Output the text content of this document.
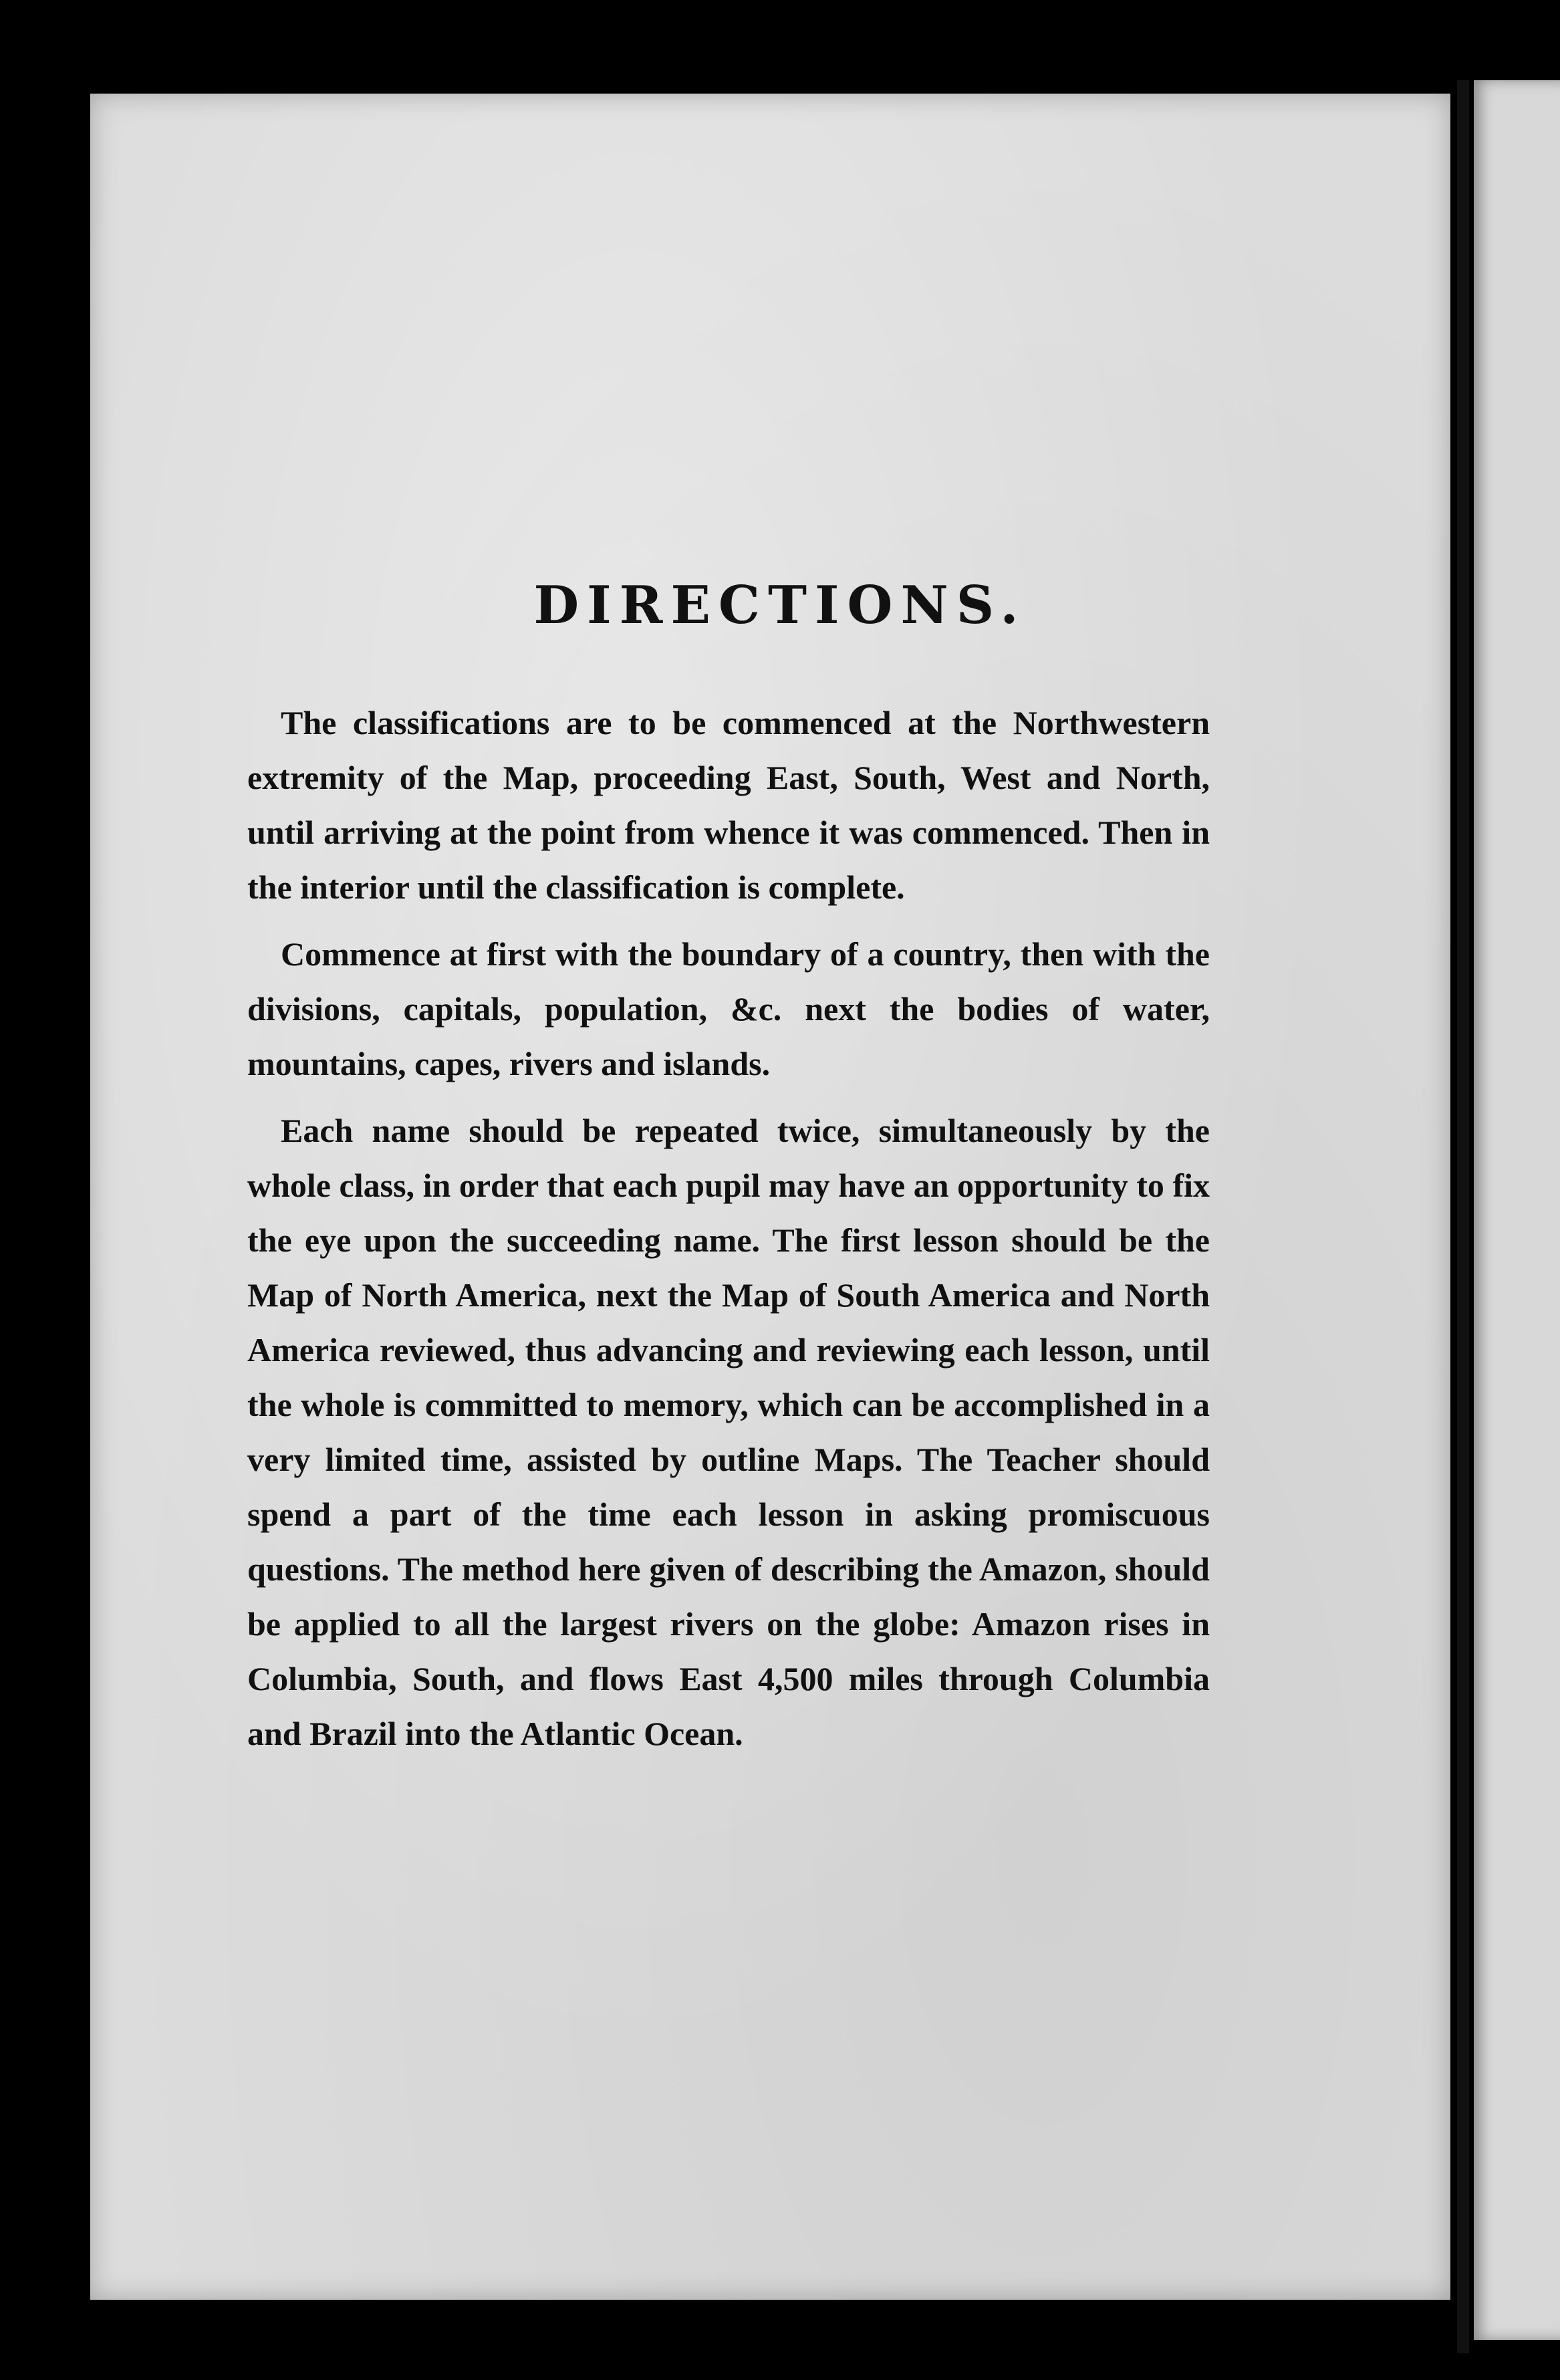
DIRECTIONS.

The classifications are to be commenced at the Northwestern extremity of the Map, proceeding East, South, West and North, until arriving at the point from whence it was commenced. Then in the interior until the classification is complete.

Commence at first with the boundary of a country, then with the divisions, capitals, population, &c. next the bodies of water, mountains, capes, rivers and islands.

Each name should be repeated twice, simultaneously by the whole class, in order that each pupil may have an opportunity to fix the eye upon the succeeding name. The first lesson should be the Map of North America, next the Map of South America and North America reviewed, thus advancing and reviewing each lesson, until the whole is committed to memory, which can be accomplished in a very limited time, assisted by outline Maps. The Teacher should spend a part of the time each lesson in asking promiscuous questions. The method here given of describing the Amazon, should be applied to all the largest rivers on the globe: Amazon rises in Columbia, South, and flows East 4,500 miles through Columbia and Brazil into the Atlantic Ocean.
